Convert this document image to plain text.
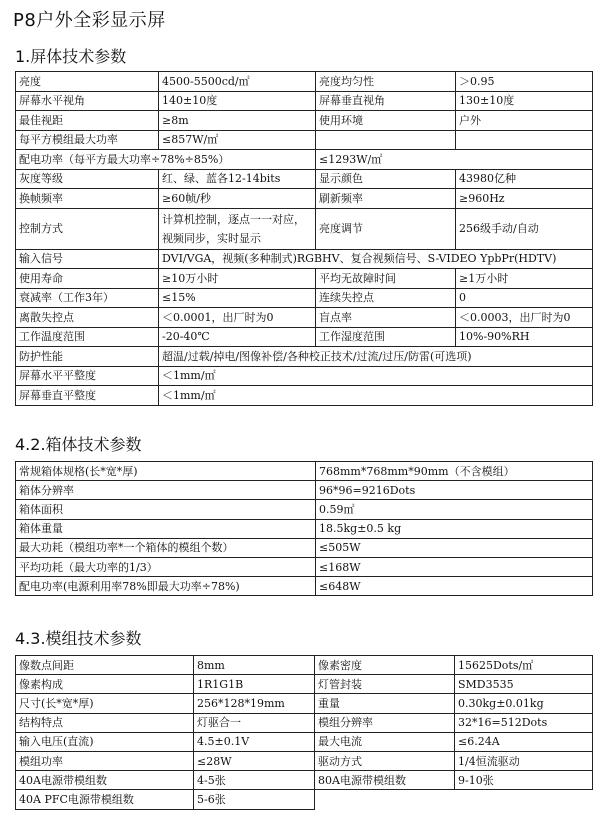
P8户外全彩显示屏
1.屏体技术参数
亮度	4500-5500cd/㎡	亮度均匀性	＞0.95
屏幕水平视角	140±10度	屏幕垂直视角	130±10度
最佳视距	≥8m	使用环境	户外
每平方模组最大功率	≤857W/㎡		
配电功率（每平方最大功率÷78%÷85%）		≤1293W/㎡	
灰度等级	红、绿、蓝各12-14bits	显示颜色	43980亿种
换帧频率	≥60帧/秒	刷新频率	≥960Hz
控制方式	计算机控制，逐点一一对应，视频同步，实时显示	亮度调节	256级手动/自动
输入信号	DVI/VGA，视频(多种制式)RGBHV、复合视频信号、S-VIDEO YpbPr(HDTV)		
使用寿命	≥10万小时	平均无故障时间	≥1万小时
衰减率（工作3年）	≤15%	连续失控点	0
离散失控点	＜0.0001，出厂时为0	盲点率	＜0.0003，出厂时为0
工作温度范围	-20-40℃	工作湿度范围	10%-90%RH
防护性能	超温/过载/掉电/图像补偿/各种校正技术/过流/过压/防雷(可选项)		
屏幕水平平整度	＜1mm/㎡		
屏幕垂直平整度	＜1mm/㎡		
4.2.箱体技术参数
常规箱体规格(长*宽*厚)	768mm*768mm*90mm（不含模组）
箱体分辨率	96*96=9216Dots
箱体面积	0.59㎡
箱体重量	18.5kg±0.5 kg
最大功耗（模组功率*一个箱体的模组个数）	≤505W
平均功耗（最大功率的1/3）	≤168W
配电功率(电源利用率78%即最大功率÷78%)	≤648W
4.3.模组技术参数
像数点间距	8mm	像素密度	15625Dots/㎡
像素构成	1R1G1B	灯管封装	SMD3535
尺寸(长*宽*厚)	256*128*19mm	重量	0.30kg±0.01kg
结构特点	灯驱合一	模组分辨率	32*16=512Dots
输入电压(直流)	4.5±0.1V	最大电流	≤6.24A
模组功率	≤28W	驱动方式	1/4恒流驱动
40A电源带模组数	4-5张	80A电源带模组数	9-10张
40A PFC电源带模组数	5-6张		
